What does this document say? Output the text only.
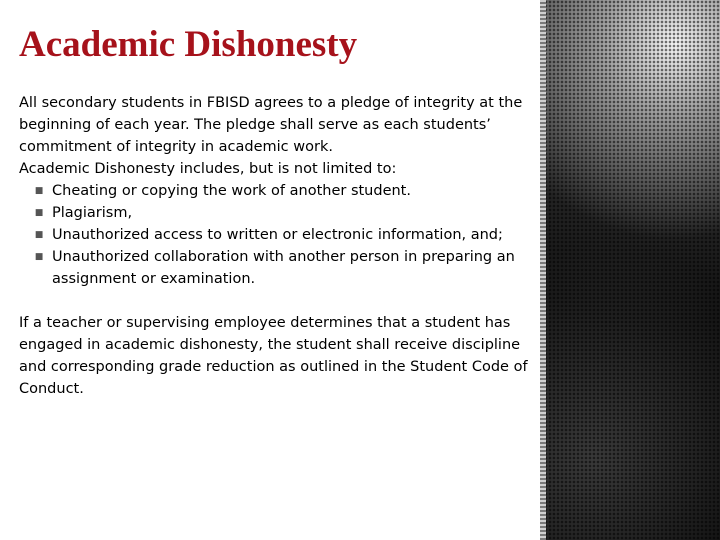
Academic Dishonesty

All secondary students in FBISD agrees to a pledge of integrity at the beginning of each year. The pledge shall serve as each students’ commitment of integrity in academic work.

Academic Dishonesty includes, but is not limited to:

■ Cheating or copying the work of another student.
■ Plagiarism,
■ Unauthorized access to written or electronic information, and;
■ Unauthorized collaboration with another person in preparing an assignment or examination.

If a teacher or supervising employee determines that a student has engaged in academic dishonesty, the student shall receive discipline and corresponding grade reduction as outlined in the Student Code of Conduct.
